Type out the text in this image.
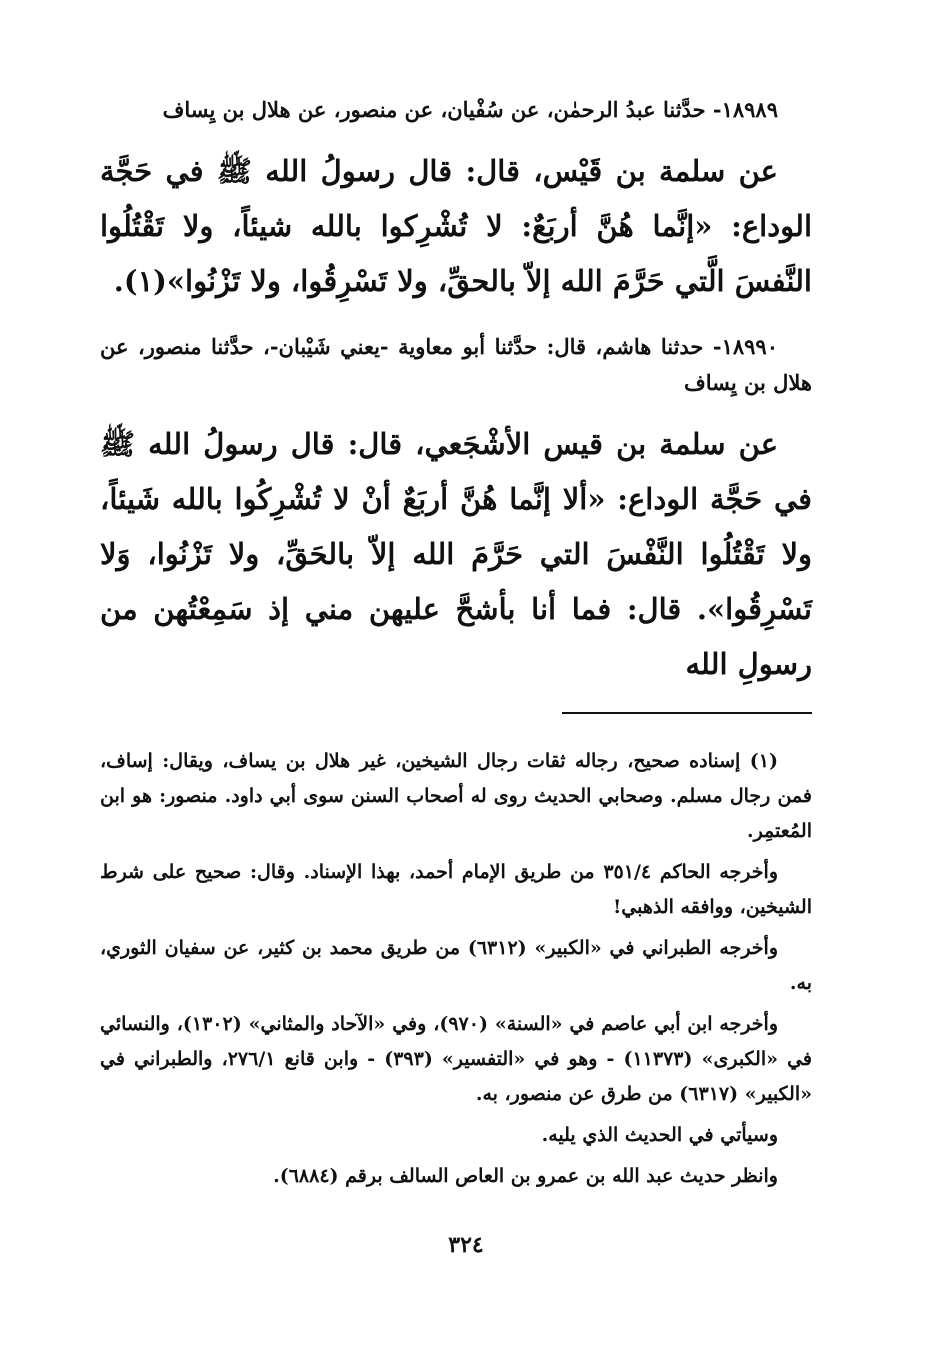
١٨٩٨٩- حدَّثنا عبدُ الرحمٰن، عن سُفْيان، عن منصور، عن هلال بن يِساف

عن سلمة بن قَيْس، قال: قال رسولُ الله ﷺ في حَجَّة الوداع: «إنَّما هُنَّ أربَعٌ: لا تُشْرِكوا بالله شيئاً، ولا تَقْتُلُوا النَّفسَ الَّتي حَرَّمَ الله إلاّ بالحقِّ، ولا تَسْرِقُوا، ولا تَزْنُوا»(١).

١٨٩٩٠- حدثنا هاشم، قال: حدَّثنا أبو معاوية -يعني شَيْبان-، حدَّثنا منصور، عن هلال بن يِساف

عن سلمة بن قيس الأشْجَعي، قال: قال رسولُ الله ﷺ في حَجَّة الوداع: «ألا إنَّما هُنَّ أربَعٌ أنْ لا تُشْرِكُوا بالله شَيئاً، ولا تَقْتُلُوا النَّفْسَ التي حَرَّمَ الله إلاّ بالحَقِّ، ولا تَزْنُوا، وَلا تَسْرِقُوا». قال: فما أنا بأشحَّ عليهن مني إذ سَمِعْتُهن من رسولِ الله

(١) إسناده صحيح، رجاله ثقات رجال الشيخين، غير هلال بن يساف، ويقال: إساف، فمن رجال مسلم. وصحابي الحديث روى له أصحاب السنن سوى أبي داود. منصور: هو ابن المُعتمِر.

وأخرجه الحاكم ٣٥١/٤ من طريق الإمام أحمد، بهذا الإسناد. وقال: صحيح على شرط الشيخين، ووافقه الذهبي!

وأخرجه الطبراني في «الكبير» (٦٣١٢) من طريق محمد بن كثير، عن سفيان الثوري، به.

وأخرجه ابن أبي عاصم في «السنة» (٩٧٠)، وفي «الآحاد والمثاني» (١٣٠٢)، والنسائي في «الكبرى» (١١٣٧٣) - وهو في «التفسير» (٣٩٣) - وابن قانع ٢٧٦/١، والطبراني في «الكبير» (٦٣١٧) من طرق عن منصور، به.

وسيأتي في الحديث الذي يليه.

وانظر حديث عبد الله بن عمرو بن العاص السالف برقم (٦٨٨٤).

٣٢٤
